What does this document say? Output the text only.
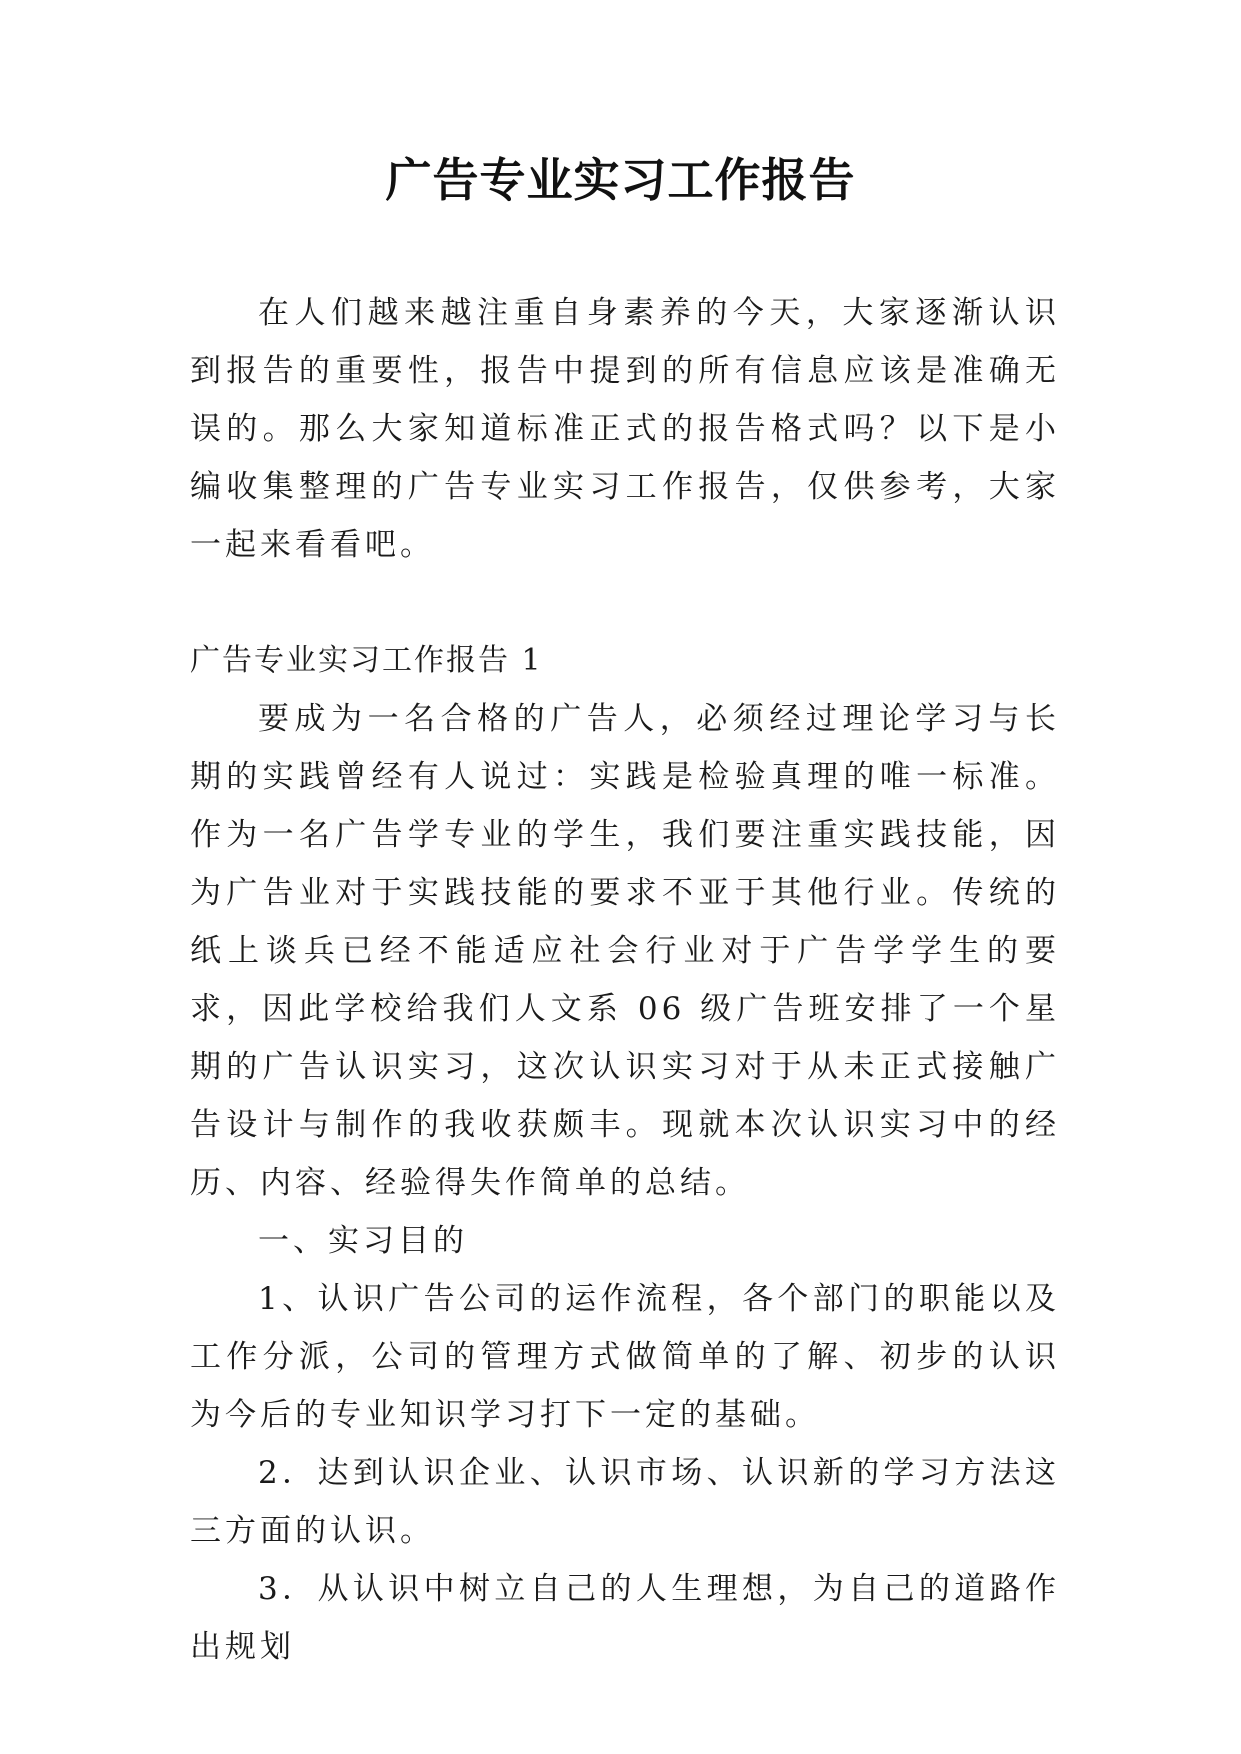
广告专业实习工作报告

在人们越来越注重自身素养的今天，大家逐渐认识到报告的重要性，报告中提到的所有信息应该是准确无误的。那么大家知道标准正式的报告格式吗？以下是小编收集整理的广告专业实习工作报告，仅供参考，大家一起来看看吧。

广告专业实习工作报告 1

要成为一名合格的广告人，必须经过理论学习与长期的实践曾经有人说过：实践是检验真理的唯一标准。作为一名广告学专业的学生，我们要注重实践技能，因为广告业对于实践技能的要求不亚于其他行业。传统的纸上谈兵已经不能适应社会行业对于广告学学生的要求，因此学校给我们人文系 06 级广告班安排了一个星期的广告认识实习，这次认识实习对于从未正式接触广告设计与制作的我收获颇丰。现就本次认识实习中的经历、内容、经验得失作简单的总结。

一、实习目的

1、认识广告公司的运作流程，各个部门的职能以及工作分派，公司的管理方式做简单的了解、初步的认识为今后的专业知识学习打下一定的基础。

2．达到认识企业、认识市场、认识新的学习方法这三方面的认识。

3．从认识中树立自己的人生理想，为自己的道路作出规划
